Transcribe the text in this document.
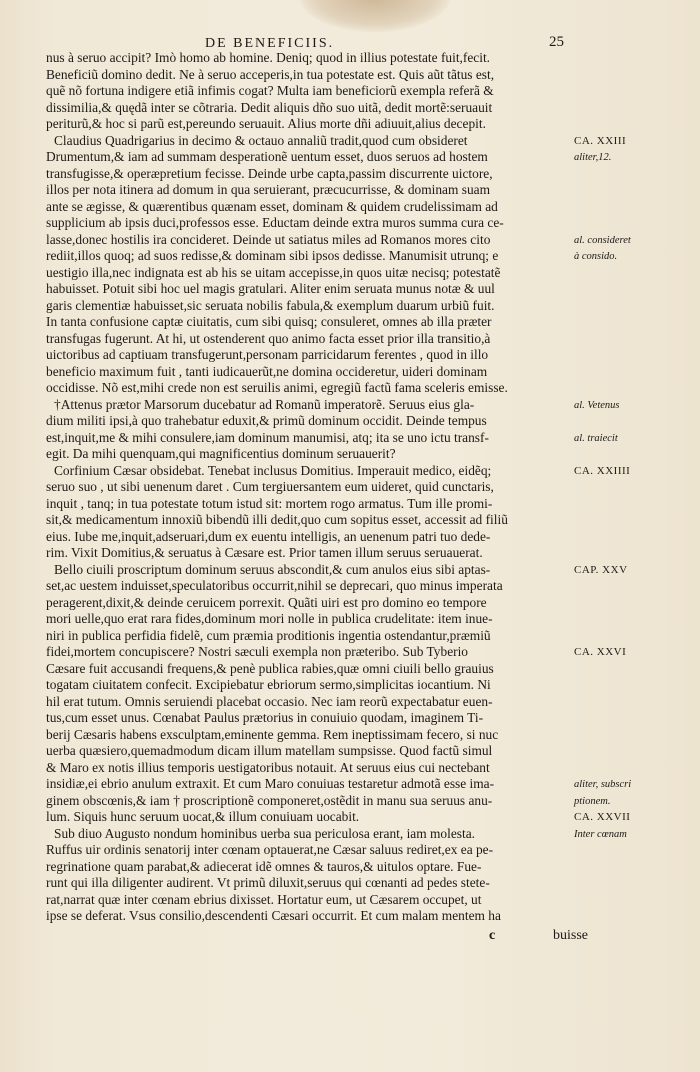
DE BENEFICIIS.	25
nus à seruo accipit? Imò homo ab homine. Deniq; quod in illius potestate fuit,fecit.
Beneficiũ domino dedit. Ne à seruo acceperis,in tua potestate est. Quis aũt tãtus est,
quẽ nõ fortuna indigere etiã infimis cogat? Multa iam beneficiorũ exempla referã &
dissimilia,& quędã inter se cõtraria. Dedit aliquis dño suo uitã, dedit mortẽ:seruauit
periturũ,& hoc si parũ est,pereundo seruauit. Alius morte dñi adiuuit,alius decepit.
Claudius Quadrigarius in decimo & octauo annaliũ tradit,quod cum obsideret
Drumentum,& iam ad summam desperationẽ uentum esset, duos seruos ad hostem
transfugisse,& operæpretium fecisse. Deinde urbe capta,passim discurrente uictore,
illos per nota itinera ad domum in qua seruierant, præcucurrisse, & dominam suam
ante se ægisse, & quærentibus quænam esset, dominam & quidem crudelissimam ad
supplicium ab ipsis duci,professos esse. Eductam deinde extra muros summa cura ce-
lasse,donec hostilis ira concideret. Deinde ut satiatus miles ad Romanos mores cito
rediit,illos quoq; ad suos redisse,& dominam sibi ipsos dedisse. Manumisit utrunq; e
uestigio illa,nec indignata est ab his se uitam accepisse,in quos uitæ necisq; potestatẽ
habuisset. Potuit sibi hoc uel magis gratulari. Aliter enim seruata munus notæ & uul
garis clementiæ habuisset,sic seruata nobilis fabula,& exemplum duarum urbiũ fuit.
In tanta confusione captæ ciuitatis, cum sibi quisq; consuleret, omnes ab illa præter
transfugas fugerunt. At hi, ut ostenderent quo animo facta esset prior illa transitio,à
uictoribus ad captiuam transfugerunt,personam parricidarum ferentes , quod in illo
beneficio maximum fuit , tanti iudicauerũt,ne domina occideretur, uideri dominam
occidisse. Nõ est,mihi crede non est seruilis animi, egregiũ factũ fama sceleris emisse.
†Attenus prætor Marsorum ducebatur ad Romanũ imperatorẽ. Seruus eius gla-
dium militi ipsi,à quo trahebatur eduxit,& primũ dominum occidit. Deinde tempus
est,inquit,me & mihi consulere,iam dominum manumisi, atq; ita se uno ictu transf-
egit. Da mihi quenquam,qui magnificentius dominum seruauerit?
Corfinium Cæsar obsidebat. Tenebat inclusus Domitius. Imperauit medico, eidẽq;
seruo suo , ut sibi uenenum daret . Cum tergiuersantem eum uideret, quid cunctaris,
inquit , tanq; in tua potestate totum istud sit: mortem rogo armatus. Tum ille promi-
sit,& medicamentum innoxiũ bibendũ illi dedit,quo cum sopitus esset, accessit ad filiũ
eius. Iube me,inquit,adseruari,dum ex euentu intelligis, an uenenum patri tuo dede-
rim. Vixit Domitius,& seruatus à Cæsare est. Prior tamen illum seruus seruauerat.
Bello ciuili proscriptum dominum seruus abscondit,& cum anulos eius sibi aptas-
set,ac uestem induisset,speculatoribus occurrit,nihil se deprecari, quo minus imperata
peragerent,dixit,& deinde ceruicem porrexit. Quãti uiri est pro domino eo tempore
mori uelle,quo erat rara fides,dominum mori nolle in publica crudelitate: item inue-
niri in publica perfidia fidelẽ, cum præmia proditionis ingentia ostendantur,præmiũ
fidei,mortem concupiscere? Nostri sæculi exempla non præteribo. Sub Tyberio
Cæsare fuit accusandi frequens,& penè publica rabies,quæ omni ciuili bello grauius
togatam ciuitatem confecit. Excipiebatur ebriorum sermo,simplicitas iocantium. Ni
hil erat tutum. Omnis seruiendi placebat occasio. Nec iam reorũ expectabatur euen-
tus,cum esset unus. Cœnabat Paulus prætorius in conuiuio quodam, imaginem Ti-
berij Cæsaris habens exsculptam,eminente gemma. Rem ineptissimam fecero, si nuc
uerba quæsiero,quemadmodum dicam illum matellam sumpsisse. Quod factũ simul
& Maro ex notis illius temporis uestigatoribus notauit. At seruus eius cui nectebant
insidiæ,ei ebrio anulum extraxit. Et cum Maro conuiuas testaretur admotã esse ima-
ginem obscœnis,& iam † proscriptionẽ componeret,ostẽdit in manu sua seruus anu-
lum. Siquis hunc seruum uocat,& illum conuiuam uocabit.
Sub diuo Augusto nondum hominibus uerba sua periculosa erant, iam molesta.
Ruffus uir ordinis senatorij inter cœnam optauerat,ne Cæsar saluus rediret,ex ea pe-
regrinatione quam parabat,& adiecerat idẽ omnes & tauros,& uitulos optare. Fue-
runt qui illa diligenter audirent. Vt primũ diluxit,seruus qui cœnanti ad pedes stete-
rat,narrat quæ inter cœnam ebrius dixisset. Hortatur eum, ut Cæsarem occupet, ut
ipse se deferat. Vsus consilio,descendenti Cæsari occurrit. Et cum malam mentem ha
CA. XXIII
aliter,12.
al. consideret
à consido.
al. Vetenus
al. traiecit
CA. XXIIII
CAP. XXV
CA. XXVI
aliter, subscri
ptionem.
CA. XXVII
Inter cœnam
c	buisse
